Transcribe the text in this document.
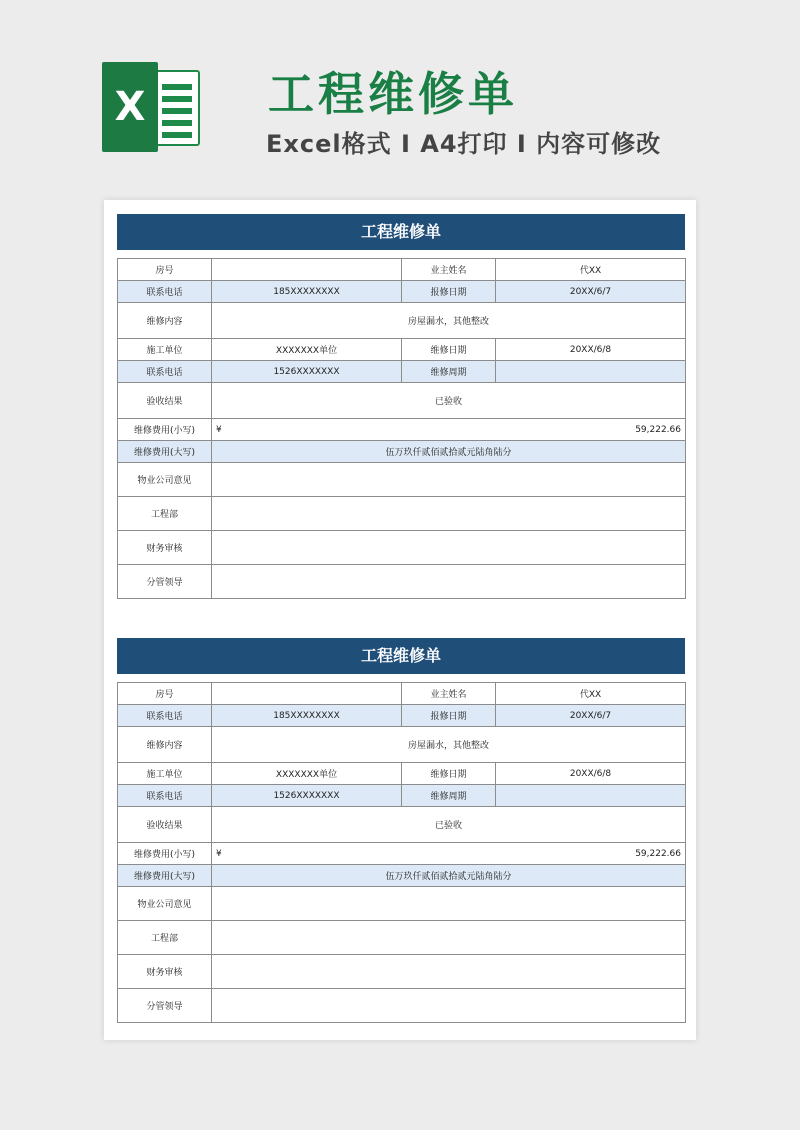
X	工程维修单
Excel格式 I A4打印 I 内容可修改
工程维修单
房号		业主姓名	代XX
联系电话	185XXXXXXXX	报修日期	20XX/6/7
维修内容	房屋漏水，其他整改		
施工单位	XXXXXXX单位	维修日期	20XX/6/8
联系电话	1526XXXXXXX	维修周期	
验收结果	已验收		
维修费用(小写)	¥ 59,222.66		

维修费用(大写)	伍万玖仟贰佰贰拾贰元陆角陆分		
物业公司意见			
工程部			
财务审核			
分管领导			
工程维修单
房号		业主姓名	代XX
联系电话	185XXXXXXXX	报修日期	20XX/6/7
维修内容	房屋漏水，其他整改		
施工单位	XXXXXXX单位	维修日期	20XX/6/8
联系电话	1526XXXXXXX	维修周期	
验收结果	已验收		
维修费用(小写)	¥ 59,222.66		

维修费用(大写)	伍万玖仟贰佰贰拾贰元陆角陆分		
物业公司意见			
工程部			
财务审核			
分管领导			
